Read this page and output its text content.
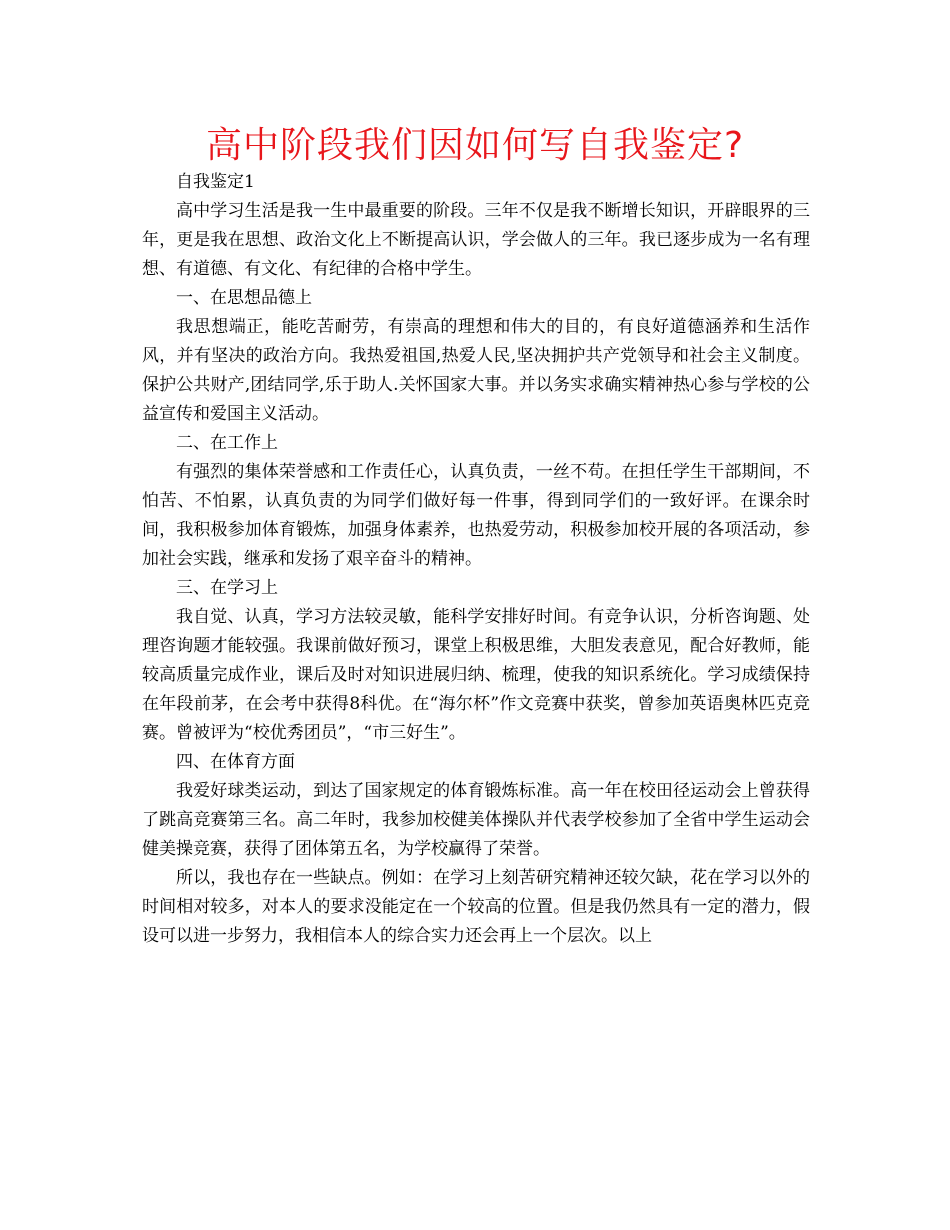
高中阶段我们因如何写自我鉴定?

自我鉴定1

高中学习生活是我一生中最重要的阶段。三年不仅是我不断增长知识，开辟眼界的三年，更是我在思想、政治文化上不断提高认识，学会做人的三年。我已逐步成为一名有理想、有道德、有文化、有纪律的合格中学生。

一、在思想品德上

我思想端正，能吃苦耐劳，有崇高的理想和伟大的目的，有良好道德涵养和生活作风，并有坚决的政治方向。我热爱祖国,热爱人民,坚决拥护共产党领导和社会主义制度。保护公共财产,团结同学,乐于助人.关怀国家大事。并以务实求确实精神热心参与学校的公益宣传和爱国主义活动。

二、在工作上

有强烈的集体荣誉感和工作责任心，认真负责，一丝不苟。在担任学生干部期间，不怕苦、不怕累，认真负责的为同学们做好每一件事，得到同学们的一致好评。在课余时间，我积极参加体育锻炼，加强身体素养，也热爱劳动，积极参加校开展的各项活动，参加社会实践，继承和发扬了艰辛奋斗的精神。

三、在学习上

我自觉、认真，学习方法较灵敏，能科学安排好时间。有竞争认识，分析咨询题、处理咨询题才能较强。我课前做好预习，课堂上积极思维，大胆发表意见，配合好教师，能较高质量完成作业，课后及时对知识进展归纳、梳理，使我的知识系统化。学习成绩保持在年段前茅，在会考中获得8科优。在“海尔杯”作文竞赛中获奖，曾参加英语奥林匹克竞赛。曾被评为“校优秀团员”，“市三好生”。

四、在体育方面

我爱好球类运动，到达了国家规定的体育锻炼标准。高一年在校田径运动会上曾获得了跳高竞赛第三名。高二年时，我参加校健美体操队并代表学校参加了全省中学生运动会健美操竞赛，获得了团体第五名，为学校赢得了荣誉。

所以，我也存在一些缺点。例如：在学习上刻苦研究精神还较欠缺，花在学习以外的时间相对较多，对本人的要求没能定在一个较高的位置。但是我仍然具有一定的潜力，假设可以进一步努力，我相信本人的综合实力还会再上一个层次。以上
